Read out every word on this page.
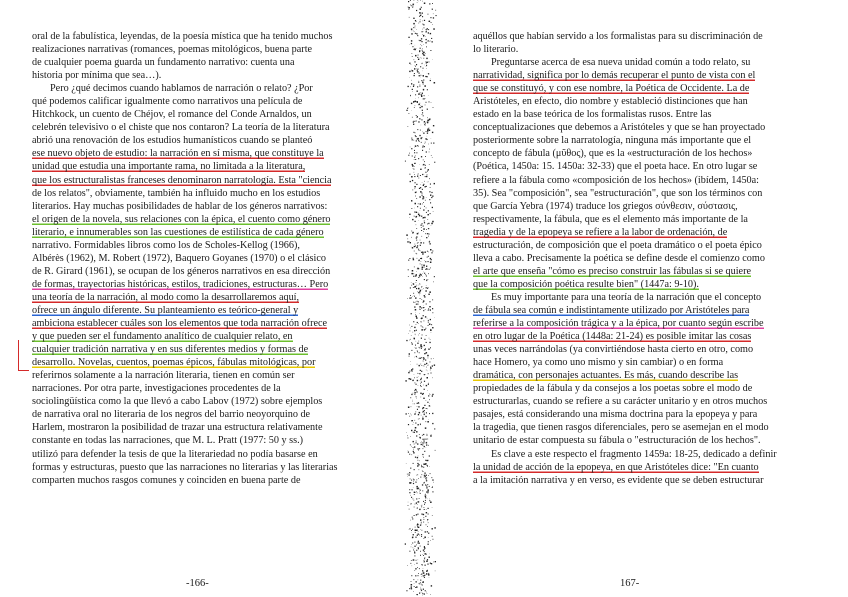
oral de la fabulística, leyendas, de la poesía mística que ha tenido muchos
realizaciones narrativas (romances, poemas mitológicos, buena parte
de cualquier poema guarda un fundamento narrativo: cuenta una
historia por mínima que sea…).
Pero ¿qué decimos cuando hablamos de narración o relato? ¿Por
qué podemos calificar igualmente como narrativos una película de
Hitchkock, un cuento de Chéjov, el romance del Conde Arnaldos, un
celebrén televisivo o el chiste que nos contaron? La teoría de la literatura
abrió una renovación de los estudios humanísticos cuando se planteó
ese nuevo objeto de estudio: la narración en sí misma, que constituye la
unidad que estudia una importante rama, no limitada a la literatura,
que los estructuralistas franceses denominaron narratología. Esta "ciencia
de los relatos", obviamente, también ha influido mucho en los estudios
literarios. Hay muchas posibilidades de hablar de los géneros narrativos:
el origen de la novela, sus relaciones con la épica, el cuento como género
literario, e innumerables son las cuestiones de estilística de cada género
narrativo. Formidables libros como los de Scholes-Kellog (1966),
Albérès (1962), M. Robert (1972), Baquero Goyanes (1970) o el clásico
de R. Girard (1961), se ocupan de los géneros narrativos en esa dirección
de formas, trayectorias históricas, estilos, tradiciones, estructuras… Pero
una teoría de la narración, al modo como la desarrollaremos aquí,
ofrece un ángulo diferente. Su planteamiento es teórico-general y
ambiciona establecer cuáles son los elementos que toda narración ofrece
y que pueden ser el fundamento analítico de cualquier relato, en
cualquier tradición narrativa y en sus diferentes medios y formas de
desarrollo. Novelas, cuentos, poemas épicos, fábulas mitológicas, por
referirnos solamente a la narración literaria, tienen en común ser
narraciones. Por otra parte, investigaciones procedentes de la
sociolingüística como la que llevó a cabo Labov (1972) sobre ejemplos
de narrativa oral no literaria de los negros del barrio neoyorquino de
Harlem, mostraron la posibilidad de trazar una estructura relativamente
constante en todas las narraciones, que M. L. Pratt (1977: 50 y ss.)
utilizó para defender la tesis de que la literariedad no podía basarse en
formas y estructuras, puesto que las narraciones no literarias y las literarias
comparten muchos rasgos comunes y coinciden en buena parte de
-166-
aquéllos que habían servido a los formalistas para su discriminación de
lo literario.
Preguntarse acerca de esa nueva unidad común a todo relato, su
narratividad, significa por lo demás recuperar el punto de vista con el
que se constituyó, y con ese nombre, la Poética de Occidente. La de
Aristóteles, en efecto, dio nombre y estableció distinciones que han
estado en la base teórica de los formalistas rusos. Entre las
conceptualizaciones que debemos a Aristóteles y que se han proyectado
posteriormente sobre la narratología, ninguna más importante que el
concepto de fábula (μῦθος), que es la «estructuración de los hechos»
(Poética, 1450a: 15. 1450a: 32-33) que el poeta hace. En otro lugar se
refiere a la fábula como «composición de los hechos» (ibídem, 1450a:
35). Sea "composición", sea "estructuración", que son los términos con
que García Yebra (1974) traduce los griegos σύνθεσιν, σύστασις,
respectivamente, la fábula, que es el elemento más importante de la
tragedia y de la epopeya se refiere a la labor de ordenación, de
estructuración, de composición que el poeta dramático o el poeta épico
lleva a cabo. Precisamente la poética se define desde el comienzo como
el arte que enseña "cómo es preciso construir las fábulas si se quiere
que la composición poética resulte bien" (1447a: 9-10).
Es muy importante para una teoría de la narración que el concepto
de fábula sea común e indistintamente utilizado por Aristóteles para
referirse a la composición trágica y a la épica, por cuanto según escribe
en otro lugar de la Poética (1448a: 21-24) es posible imitar las cosas
unas veces narrándolas (ya convirtiéndose hasta cierto en otro, como
hace Homero, ya como uno mismo y sin cambiar) o en forma
dramática, con personajes actuantes. Es más, cuando describe las
propiedades de la fábula y da consejos a los poetas sobre el modo de
estructurarlas, cuando se refiere a su carácter unitario y en otros muchos
pasajes, está considerando una misma doctrina para la epopeya y para
la tragedia, que tienen rasgos diferenciales, pero se asemejan en el modo
unitario de estar compuesta su fábula o "estructuración de los hechos".
Es clave a este respecto el fragmento 1459a: 18-25, dedicado a definir
la unidad de acción de la epopeya, en que Aristóteles dice: "En cuanto
a la imitación narrativa y en verso, es evidente que se deben estructurar
167-
